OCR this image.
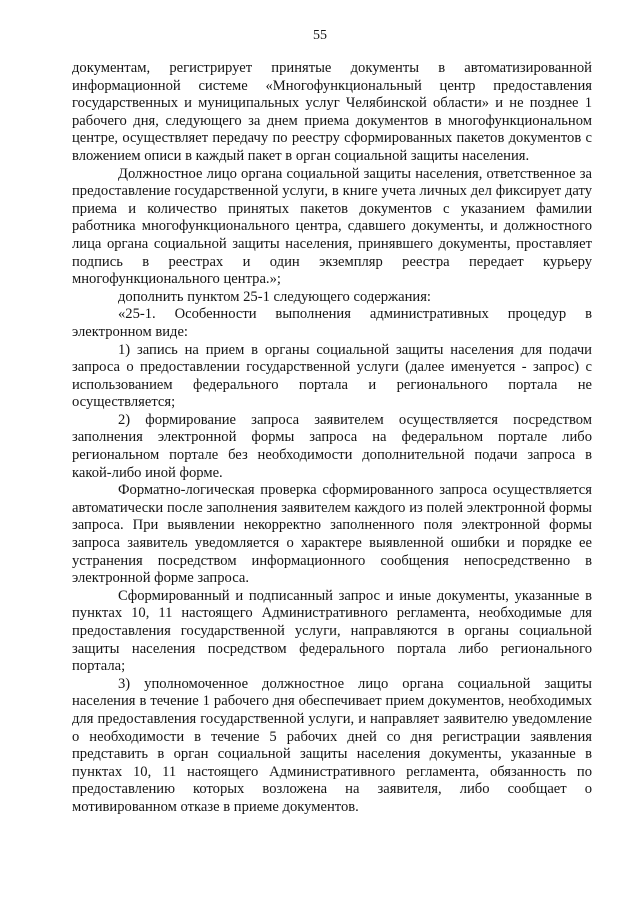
55

документам, регистрирует принятые документы в автоматизированной информационной системе «Многофункциональный центр предоставления государственных и муниципальных услуг Челябинской области» и не позднее 1 рабочего дня, следующего за днем приема документов в многофункциональном центре, осуществляет передачу по реестру сформированных пакетов документов с вложением описи в каждый пакет в орган социальной защиты населения.

Должностное лицо органа социальной защиты населения, ответственное за предоставление государственной услуги, в книге учета личных дел фиксирует дату приема и количество принятых пакетов документов с указанием фамилии работника многофункционального центра, сдавшего документы, и должностного лица органа социальной защиты населения, принявшего документы, проставляет подпись в реестрах и один экземпляр реестра передает курьеру многофункционального центра.»;

дополнить пунктом 25-1 следующего содержания:

«25-1. Особенности выполнения административных процедур в электронном виде:

1) запись на прием в органы социальной защиты населения для подачи запроса о предоставлении государственной услуги (далее именуется - запрос) с использованием федерального портала и регионального портала не осуществляется;

2) формирование запроса заявителем осуществляется посредством заполнения электронной формы запроса на федеральном портале либо региональном портале без необходимости дополнительной подачи запроса в какой-либо иной форме.

Форматно-логическая проверка сформированного запроса осуществляется автоматически после заполнения заявителем каждого из полей электронной формы запроса. При выявлении некорректно заполненного поля электронной формы запроса заявитель уведомляется о характере выявленной ошибки и порядке ее устранения посредством информационного сообщения непосредственно в электронной форме запроса.

Сформированный и подписанный запрос и иные документы, указанные в пунктах 10, 11 настоящего Административного регламента, необходимые для предоставления государственной услуги, направляются в органы социальной защиты населения посредством федерального портала либо регионального портала;

3) уполномоченное должностное лицо органа социальной защиты населения в течение 1 рабочего дня обеспечивает прием документов, необходимых для предоставления государственной услуги, и направляет заявителю уведомление о необходимости в течение 5 рабочих дней со дня регистрации заявления представить в орган социальной защиты населения документы, указанные в пунктах 10, 11 настоящего Административного регламента, обязанность по предоставлению которых возложена на заявителя, либо сообщает о мотивированном отказе в приеме документов.
